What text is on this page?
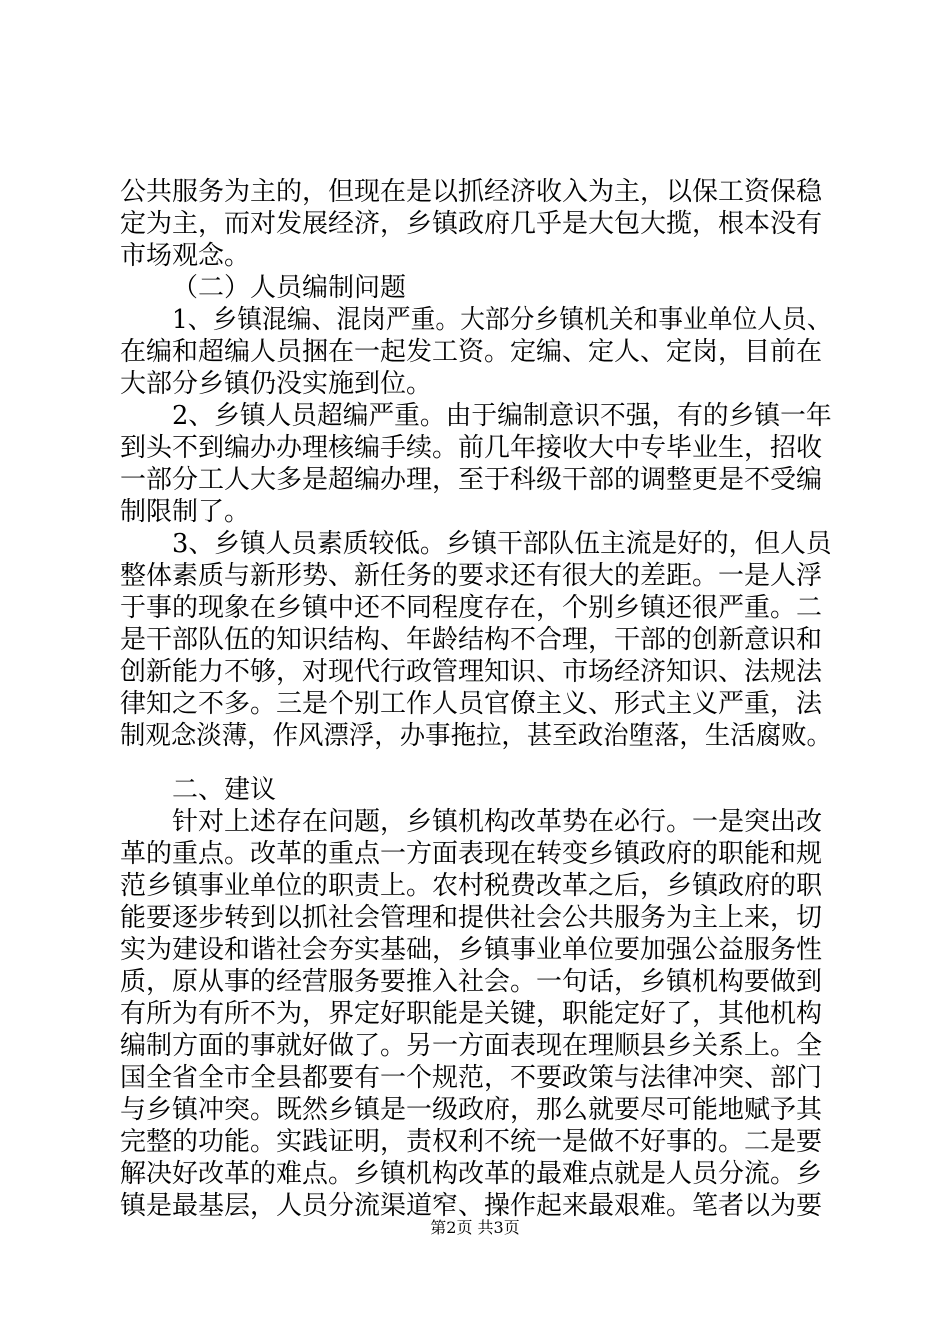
公共服务为主的，但现在是以抓经济收入为主，以保工资保稳
定为主，而对发展经济，乡镇政府几乎是大包大揽，根本没有
市场观念。
（二）人员编制问题
1、乡镇混编、混岗严重。大部分乡镇机关和事业单位人员、
在编和超编人员捆在一起发工资。定编、定人、定岗，目前在
大部分乡镇仍没实施到位。
2、乡镇人员超编严重。由于编制意识不强，有的乡镇一年
到头不到编办办理核编手续。前几年接收大中专毕业生，招收
一部分工人大多是超编办理，至于科级干部的调整更是不受编
制限制了。
3、乡镇人员素质较低。乡镇干部队伍主流是好的，但人员
整体素质与新形势、新任务的要求还有很大的差距。一是人浮
于事的现象在乡镇中还不同程度存在，个别乡镇还很严重。二
是干部队伍的知识结构、年龄结构不合理，干部的创新意识和
创新能力不够，对现代行政管理知识、市场经济知识、法规法
律知之不多。三是个别工作人员官僚主义、形式主义严重，法
制观念淡薄，作风漂浮，办事拖拉，甚至政治堕落，生活腐败。
二、建议
针对上述存在问题，乡镇机构改革势在必行。一是突出改
革的重点。改革的重点一方面表现在转变乡镇政府的职能和规
范乡镇事业单位的职责上。农村税费改革之后，乡镇政府的职
能要逐步转到以抓社会管理和提供社会公共服务为主上来，切
实为建设和谐社会夯实基础，乡镇事业单位要加强公益服务性
质，原从事的经营服务要推入社会。一句话，乡镇机构要做到
有所为有所不为，界定好职能是关键，职能定好了，其他机构
编制方面的事就好做了。另一方面表现在理顺县乡关系上。全
国全省全市全县都要有一个规范，不要政策与法律冲突、部门
与乡镇冲突。既然乡镇是一级政府，那么就要尽可能地赋予其
完整的功能。实践证明，责权利不统一是做不好事的。二是要
解决好改革的难点。乡镇机构改革的最难点就是人员分流。乡
镇是最基层，人员分流渠道窄、操作起来最艰难。笔者以为要
第2页 共3页
